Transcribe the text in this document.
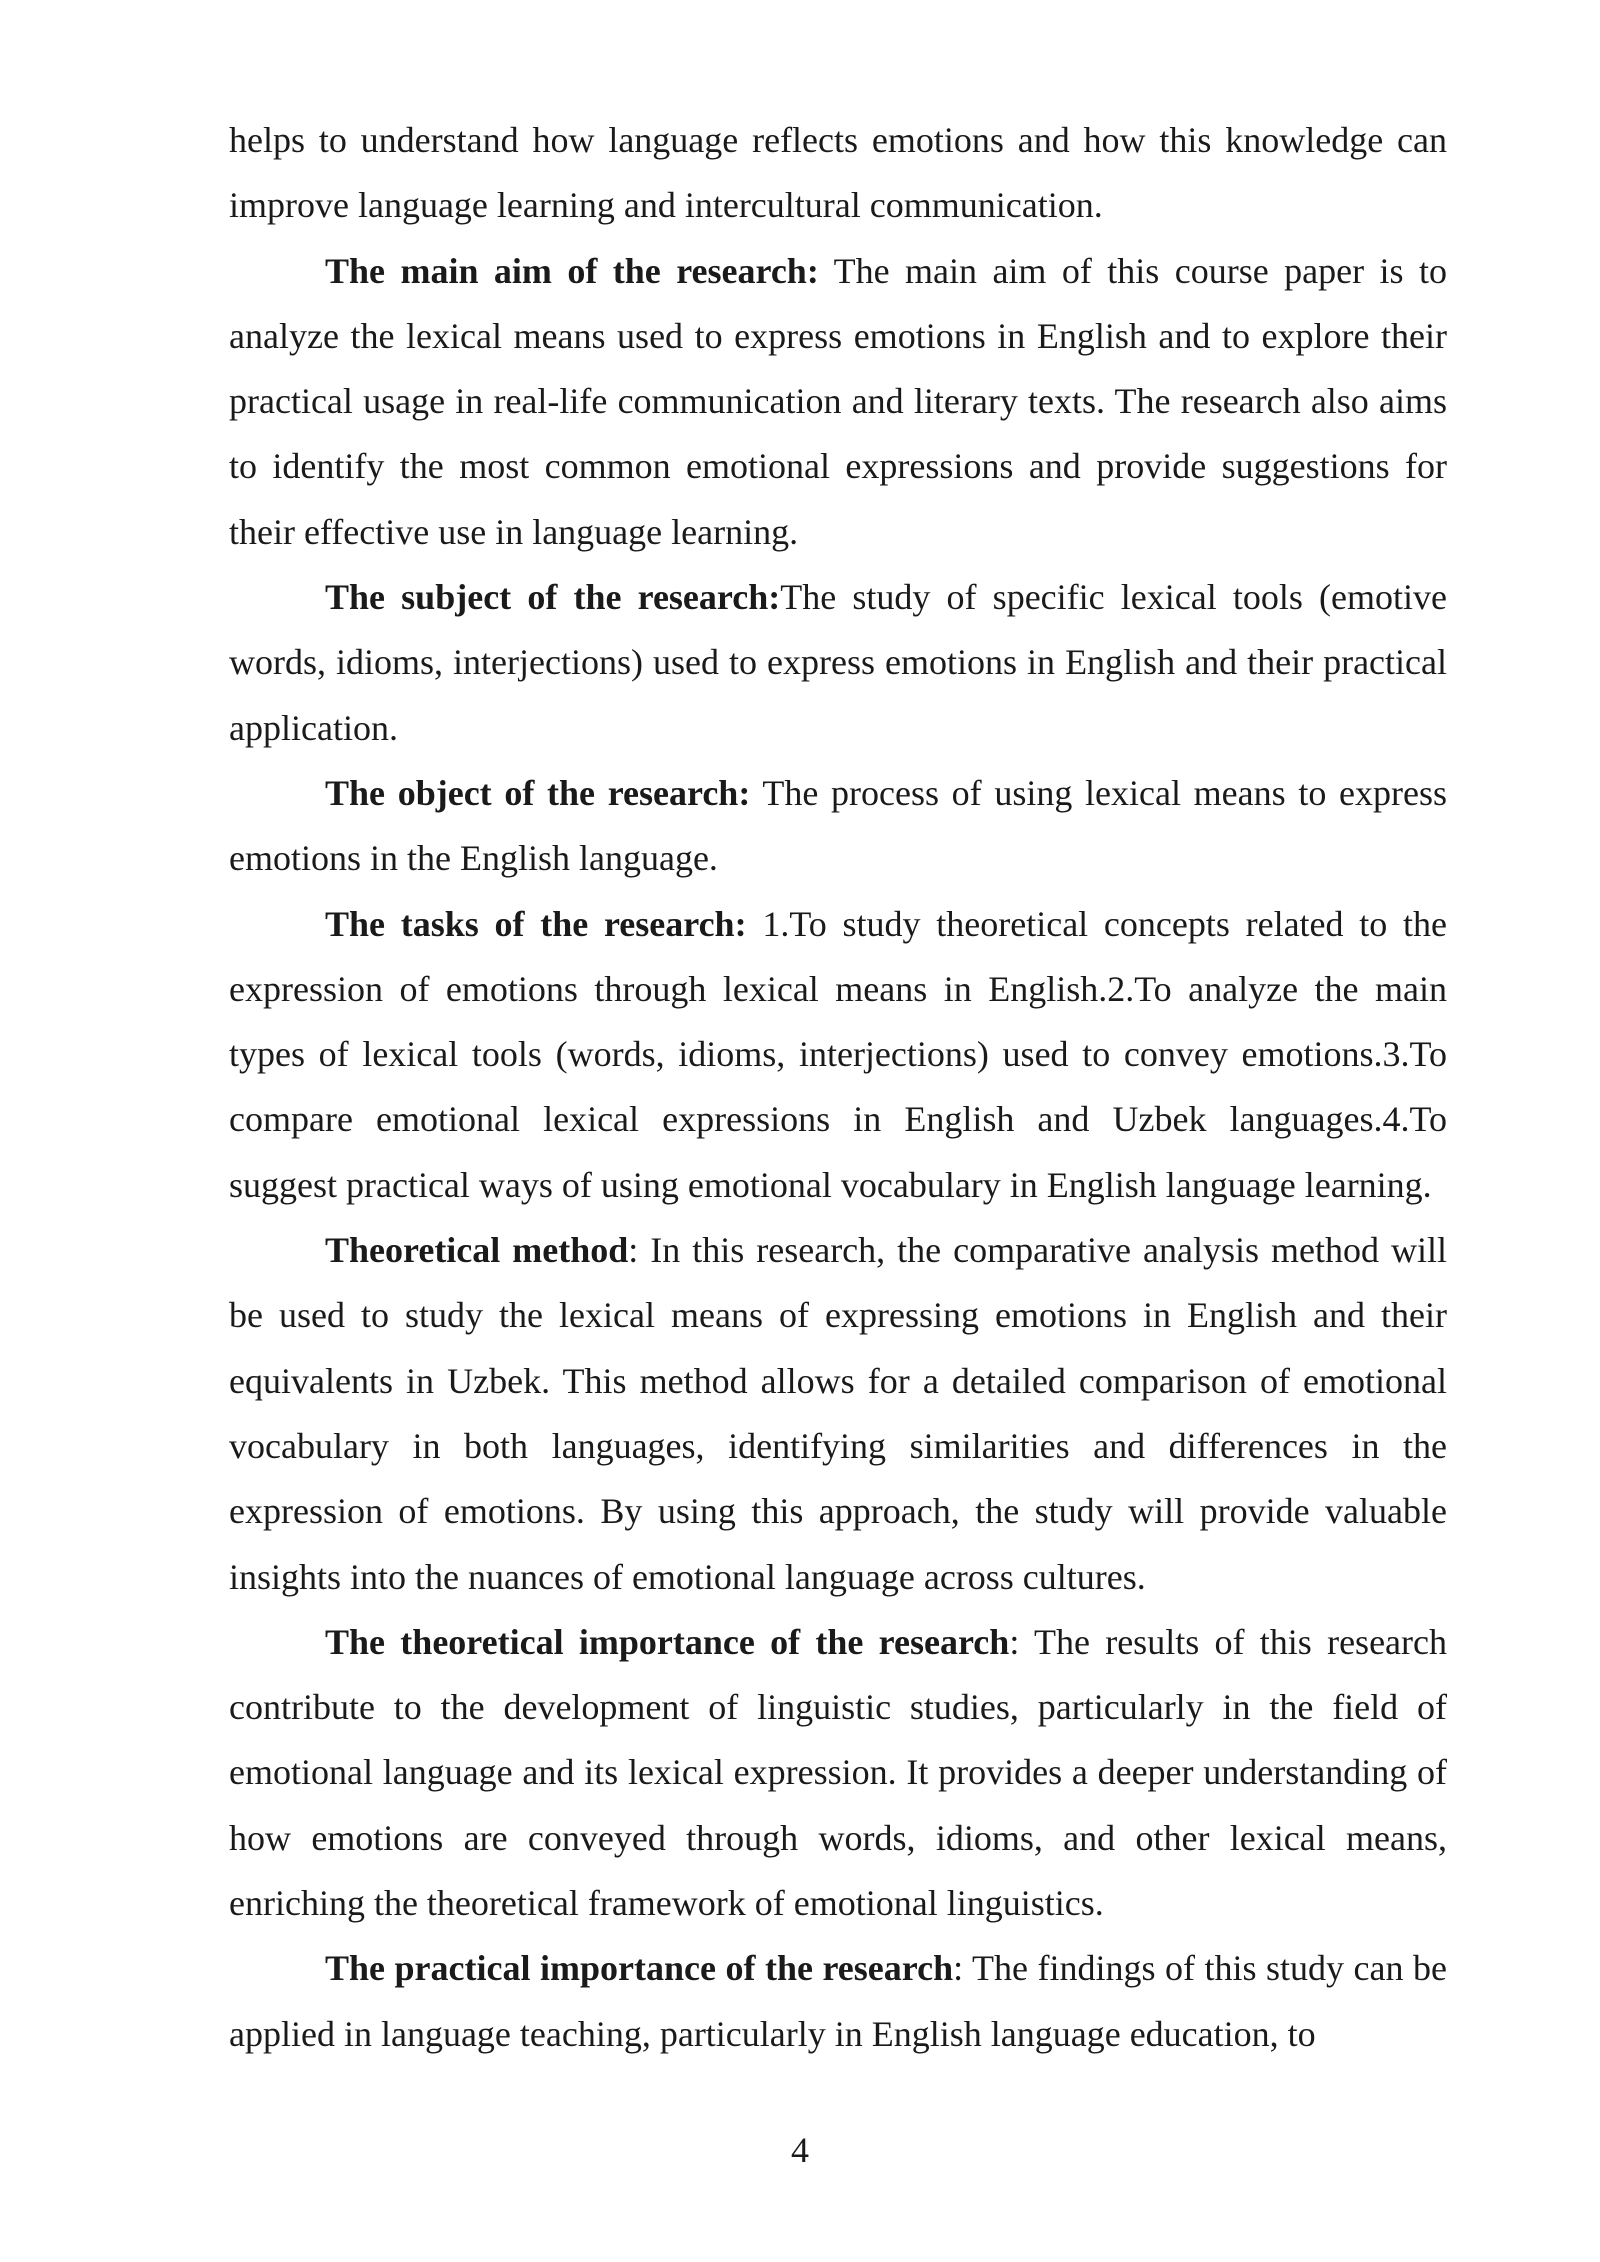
helps to understand how language reflects emotions and how this knowledge can improve language learning and intercultural communication.

The main aim of the research: The main aim of this course paper is to analyze the lexical means used to express emotions in English and to explore their practical usage in real-life communication and literary texts. The research also aims to identify the most common emotional expressions and provide suggestions for their effective use in language learning.

The subject of the research:The study of specific lexical tools (emotive words, idioms, interjections) used to express emotions in English and their practical application.

The object of the research: The process of using lexical means to express emotions in the English language.

The tasks of the research: 1.To study theoretical concepts related to the expression of emotions through lexical means in English.2.To analyze the main types of lexical tools (words, idioms, interjections) used to convey emotions.3.To compare emotional lexical expressions in English and Uzbek languages.4.To suggest practical ways of using emotional vocabulary in English language learning.

Theoretical method: In this research, the comparative analysis method will be used to study the lexical means of expressing emotions in English and their equivalents in Uzbek. This method allows for a detailed comparison of emotional vocabulary in both languages, identifying similarities and differences in the expression of emotions. By using this approach, the study will provide valuable insights into the nuances of emotional language across cultures.

The theoretical importance of the research: The results of this research contribute to the development of linguistic studies, particularly in the field of emotional language and its lexical expression. It provides a deeper understanding of how emotions are conveyed through words, idioms, and other lexical means, enriching the theoretical framework of emotional linguistics.

The practical importance of the research: The findings of this study can be applied in language teaching, particularly in English language education, to

4
